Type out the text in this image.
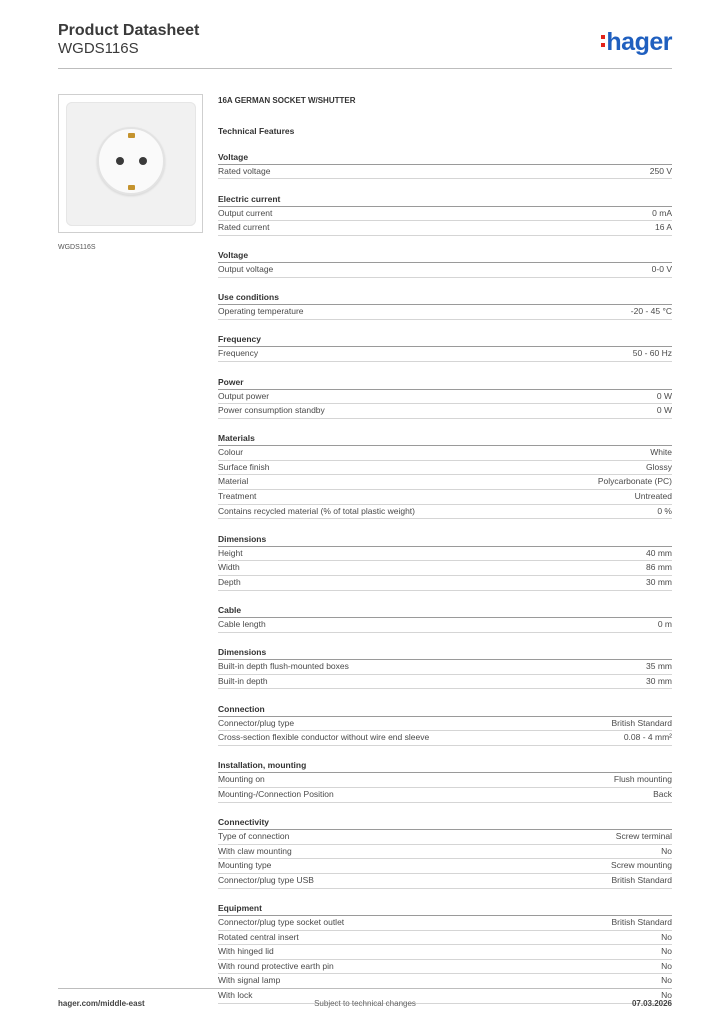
Product Datasheet
WGDS116S	hager
WGDS116S
16A GERMAN SOCKET W/SHUTTER
Technical Features
Voltage
Rated voltage	250 V
Electric current
Output current	0 mA
Rated current	16 A
Voltage
Output voltage	0-0 V
Use conditions
Operating temperature	-20 - 45 °C
Frequency
Frequency	50 - 60 Hz
Power
Output power	0 W
Power consumption standby	0 W
Materials
Colour	White
Surface finish	Glossy
Material	Polycarbonate (PC)
Treatment	Untreated
Contains recycled material (% of total plastic weight)	0 %
Dimensions
Height	40 mm
Width	86 mm
Depth	30 mm
Cable
Cable length	0 m
Dimensions
Built-in depth flush-mounted boxes	35 mm
Built-in depth	30 mm
Connection
Connector/plug type	British Standard
Cross-section flexible conductor without wire end sleeve	0.08 - 4 mm²
Installation, mounting
Mounting on	Flush mounting
Mounting-/Connection Position	Back
Connectivity
Type of connection	Screw terminal
With claw mounting	No
Mounting type	Screw mounting
Connector/plug type USB	British Standard
Equipment
Connector/plug type socket outlet	British Standard
Rotated central insert	No
With hinged lid	No
With round protective earth pin	No
With signal lamp	No
With lock	No
hager.com/middle-east	Subject to technical changes	07.03.2026
